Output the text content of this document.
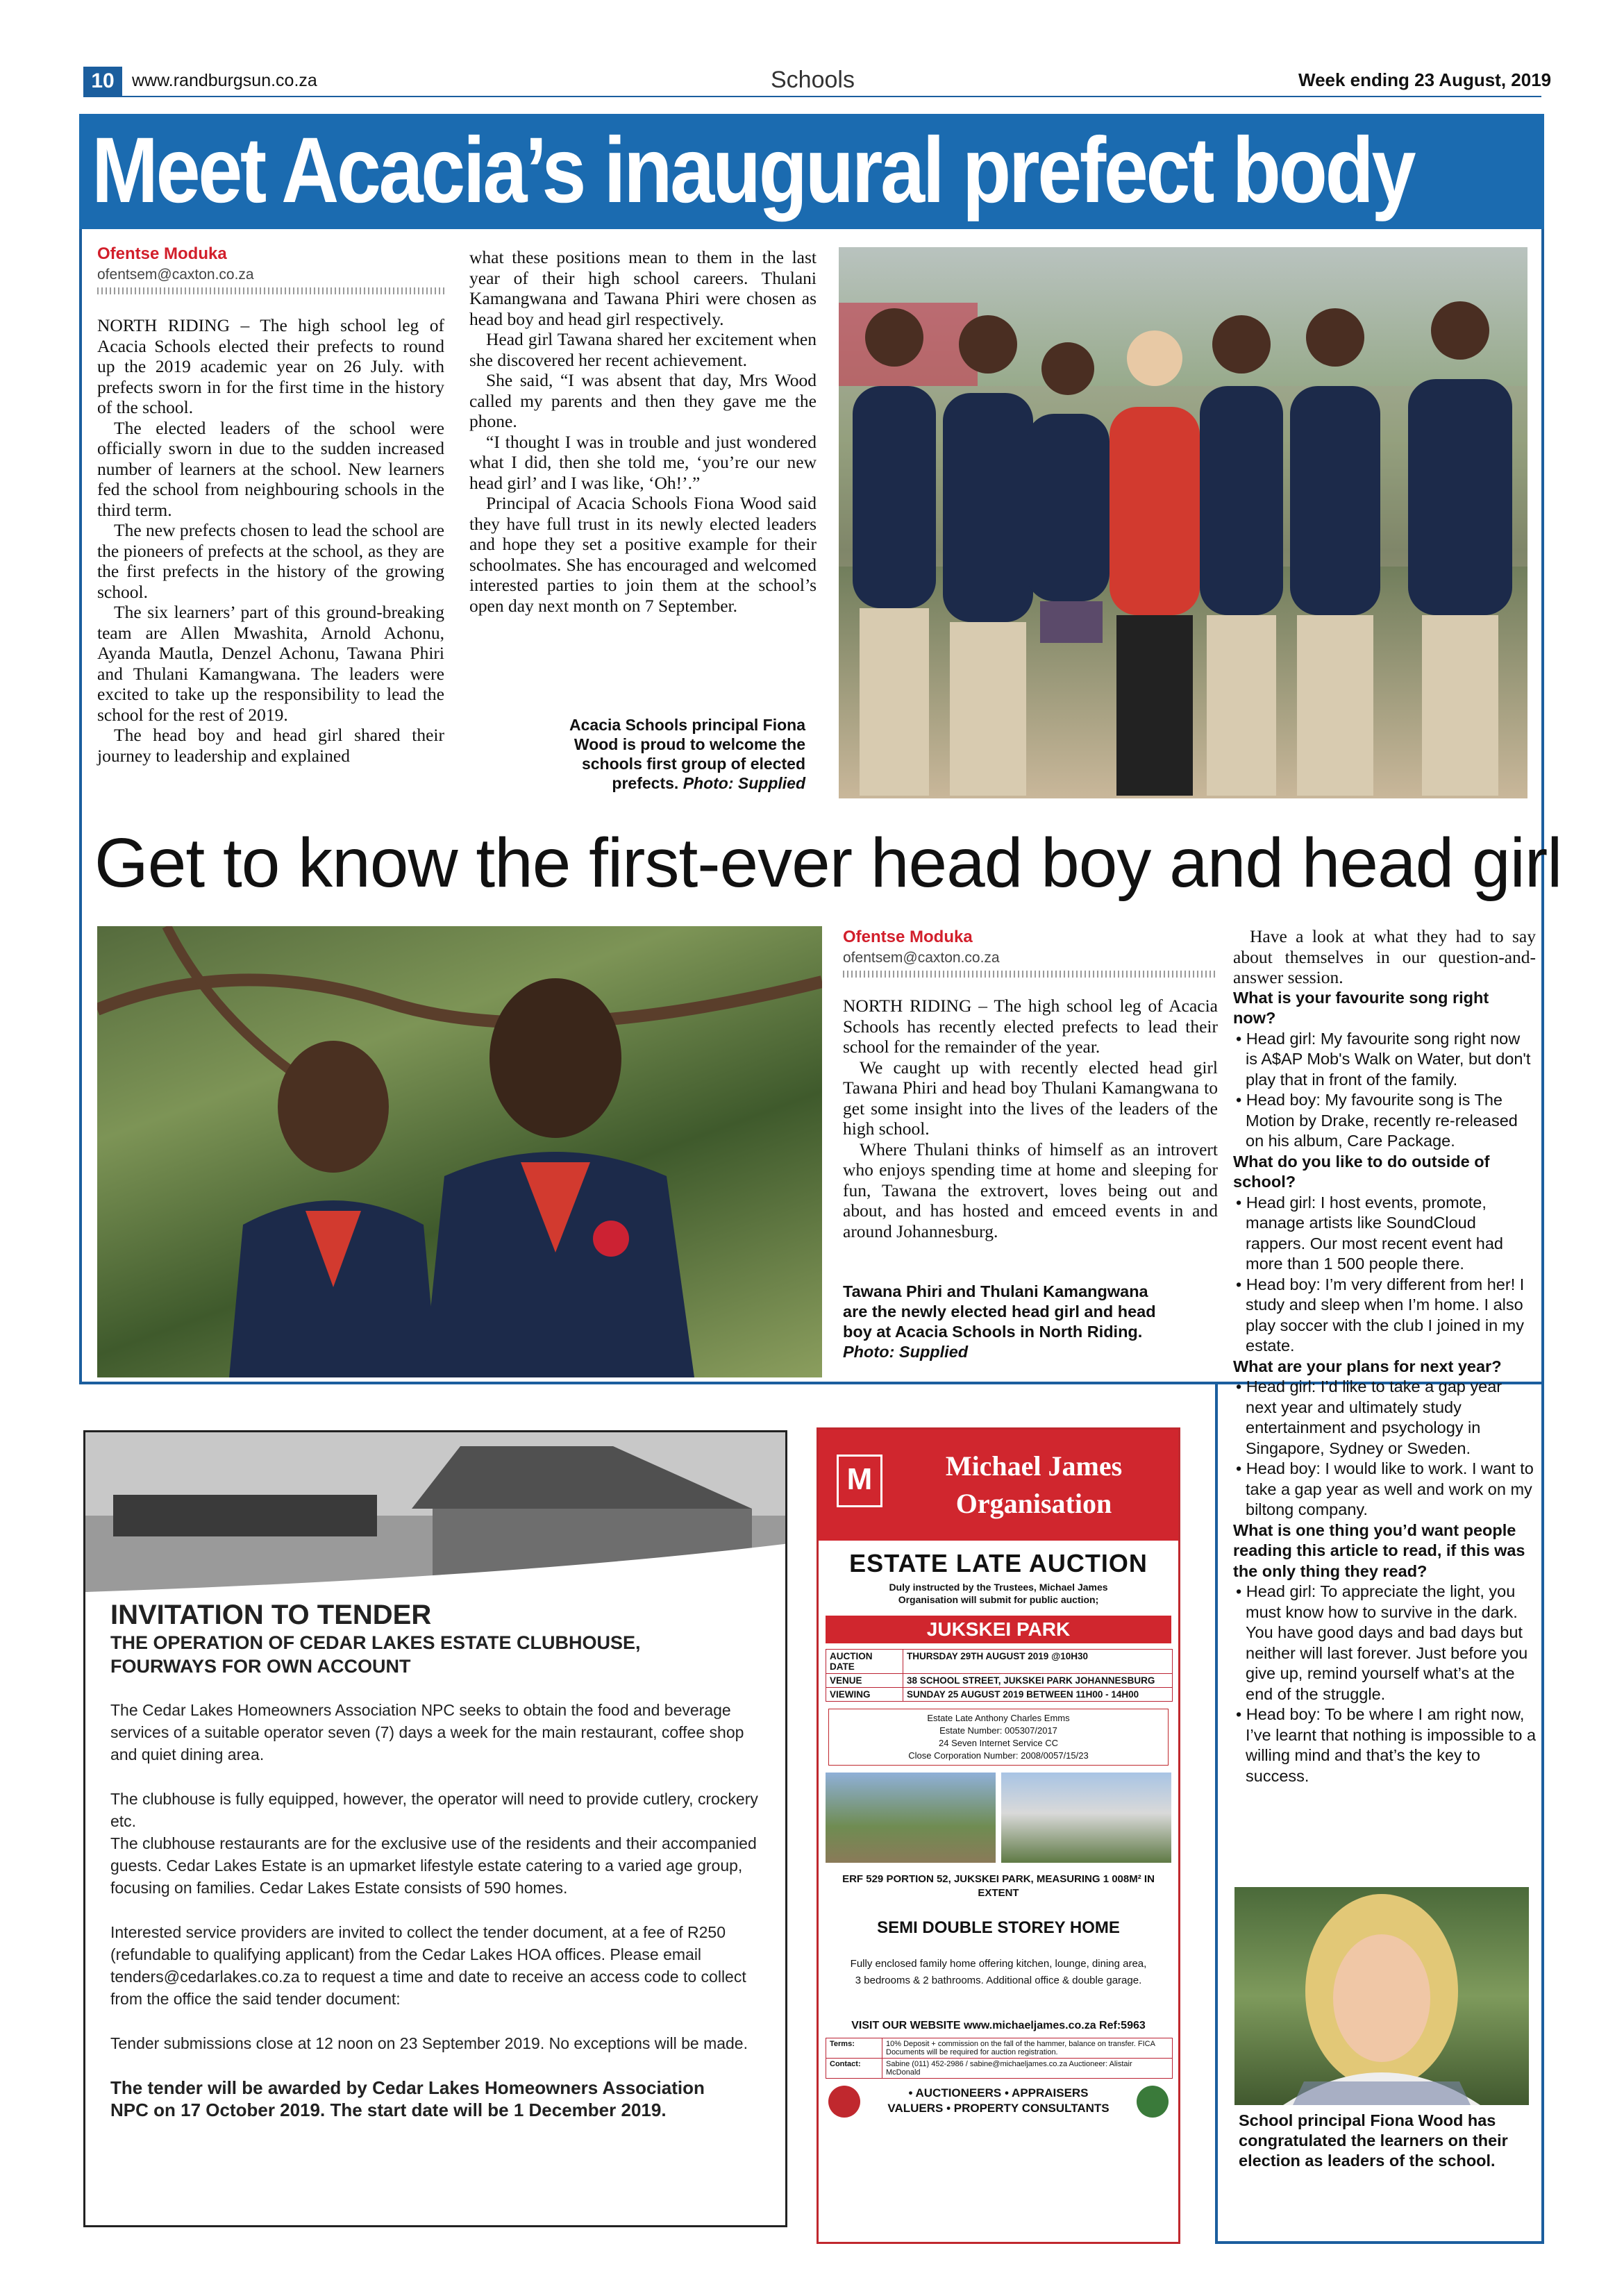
10	www.randburgsun.co.za	Schools	Week ending 23 August, 2019
Meet Acacia’s inaugural prefect body
Ofentse Moduka
ofentsem@caxton.co.za

NORTH RIDING – The high school leg of Acacia Schools elected their prefects to round up the 2019 academic year on 26 July. with prefects sworn in for the first time in the history of the school.

The elected leaders of the school were officially sworn in due to the sudden increased number of learners at the school. New learners fed the school from neighbouring schools in the third term.

The new prefects chosen to lead the school are the pioneers of prefects at the school, as they are the first prefects in the history of the growing school.

The six learners’ part of this ground-breaking team are Allen Mwashita, Arnold Achonu, Ayanda Mautla, Denzel Achonu, Tawana Phiri and Thulani Kamangwana. The leaders were excited to take up the responsibility to lead the school for the rest of 2019.

The head boy and head girl shared their journey to leadership and explained

what these positions mean to them in the last year of their high school careers. Thulani Kamangwana and Tawana Phiri were chosen as head boy and head girl respectively.

Head girl Tawana shared her excitement when she discovered her recent achievement.

She said, “I was absent that day, Mrs Wood called my parents and then they gave me the phone.

“I thought I was in trouble and just wondered what I did, then she told me, ‘you’re our new head girl’ and I was like, ‘Oh!’.”

Principal of Acacia Schools Fiona Wood said they have full trust in its newly elected leaders and hope they set a positive example for their schoolmates. She has encouraged and welcomed interested parties to join them at the school’s open day next month on 7 September.

Acacia Schools principal Fiona Wood is proud to welcome the schools first group of elected prefects. Photo: Supplied
Get to know the first-ever head boy and head girl
Ofentse Moduka
ofentsem@caxton.co.za

NORTH RIDING – The high school leg of Acacia Schools has recently elected prefects to lead their school for the remainder of the year.

We caught up with recently elected head girl Tawana Phiri and head boy Thulani Kamangwana to get some insight into the lives of the leaders of the high school.

Where Thulani thinks of himself as an introvert who enjoys spending time at home and sleeping for fun, Tawana the extrovert, loves being out and about, and has hosted and emceed events in and around Johannesburg.

Tawana Phiri and Thulani Kamangwana are the newly elected head girl and head boy at Acacia Schools in North Riding. Photo: Supplied
Have a look at what they had to say about themselves in our question-and-answer session.
What is your favourite song right now?
• Head girl: My favourite song right now is A$AP Mob's Walk on Water, but don't play that in front of the family.
• Head boy: My favourite song is The Motion by Drake, recently re-released on his album, Care Package.
What do you like to do outside of school?
• Head girl: I host events, promote, manage artists like SoundCloud rappers. Our most recent event had more than 1 500 people there.
• Head boy: I’m very different from her! I study and sleep when I’m home. I also play soccer with the club I joined in my estate.
What are your plans for next year?
• Head girl: I’d like to take a gap year next year and ultimately study entertainment and psychology in Singapore, Sydney or Sweden.
• Head boy: I would like to work. I want to take a gap year as well and work on my biltong company.
What is one thing you’d want people reading this article to read, if this was the only thing they read?
• Head girl: To appreciate the light, you must know how to survive in the dark. You have good days and bad days but neither will last forever. Just before you give up, remind yourself what’s at the end of the struggle.
• Head boy: To be where I am right now, I’ve learnt that nothing is impossible to a willing mind and that’s the key to success.
School principal Fiona Wood has congratulated the learners on their election as leaders of the school.
INVITATION TO TENDER
THE OPERATION OF CEDAR LAKES ESTATE CLUBHOUSE, FOURWAYS FOR OWN ACCOUNT
The Cedar Lakes Homeowners Association NPC seeks to obtain the food and beverage services of a suitable operator seven (7) days a week for the main restaurant, coffee shop and quiet dining area.
The clubhouse is fully equipped, however, the operator will need to provide cutlery, crockery etc.
The clubhouse restaurants are for the exclusive use of the residents and their accompanied guests. Cedar Lakes Estate is an upmarket lifestyle estate catering to a varied age group, focusing on families. Cedar Lakes Estate consists of 590 homes.
Interested service providers are invited to collect the tender document, at a fee of R250 (refundable to qualifying applicant) from the Cedar Lakes HOA offices. Please email tenders@cedarlakes.co.za to request a time and date to receive an access code to collect from the office the said tender document:
Tender submissions close at 12 noon on 23 September 2019. No exceptions will be made.
The tender will be awarded by Cedar Lakes Homeowners Association NPC on 17 October 2019. The start date will be 1 December 2019.
M	Michael James Organisation
ESTATE LATE AUCTION
Duly instructed by the Trustees, Michael James Organisation will submit for public auction;
JUKSKEI PARK
AUCTION DATE	THURSDAY 29TH AUGUST 2019 @10H30
VENUE	38 SCHOOL STREET, JUKSKEI PARK JOHANNESBURG
VIEWING	SUNDAY 25 AUGUST 2019 BETWEEN 11H00 - 14H00
Estate Late Anthony Charles Emms
Estate Number: 005307/2017
24 Seven Internet Service CC
Close Corporation Number: 2008/0057/15/23
ERF 529 PORTION 52, JUKSKEI PARK, MEASURING 1 008M² IN EXTENT
SEMI DOUBLE STOREY HOME
Fully enclosed family home offering kitchen, lounge, dining area, 3 bedrooms & 2 bathrooms. Additional office & double garage.
VISIT OUR WEBSITE www.michaeljames.co.za Ref:5963
Terms:	10% Deposit + commission on the fall of the hammer, balance on transfer. FICA Documents will be required for auction registration.
Contact:	Sabine (011) 452-2986 / sabine@michaeljames.co.za Auctioneer: Alistair McDonald
• AUCTIONEERS • APPRAISERS
VALUERS • PROPERTY CONSULTANTS
